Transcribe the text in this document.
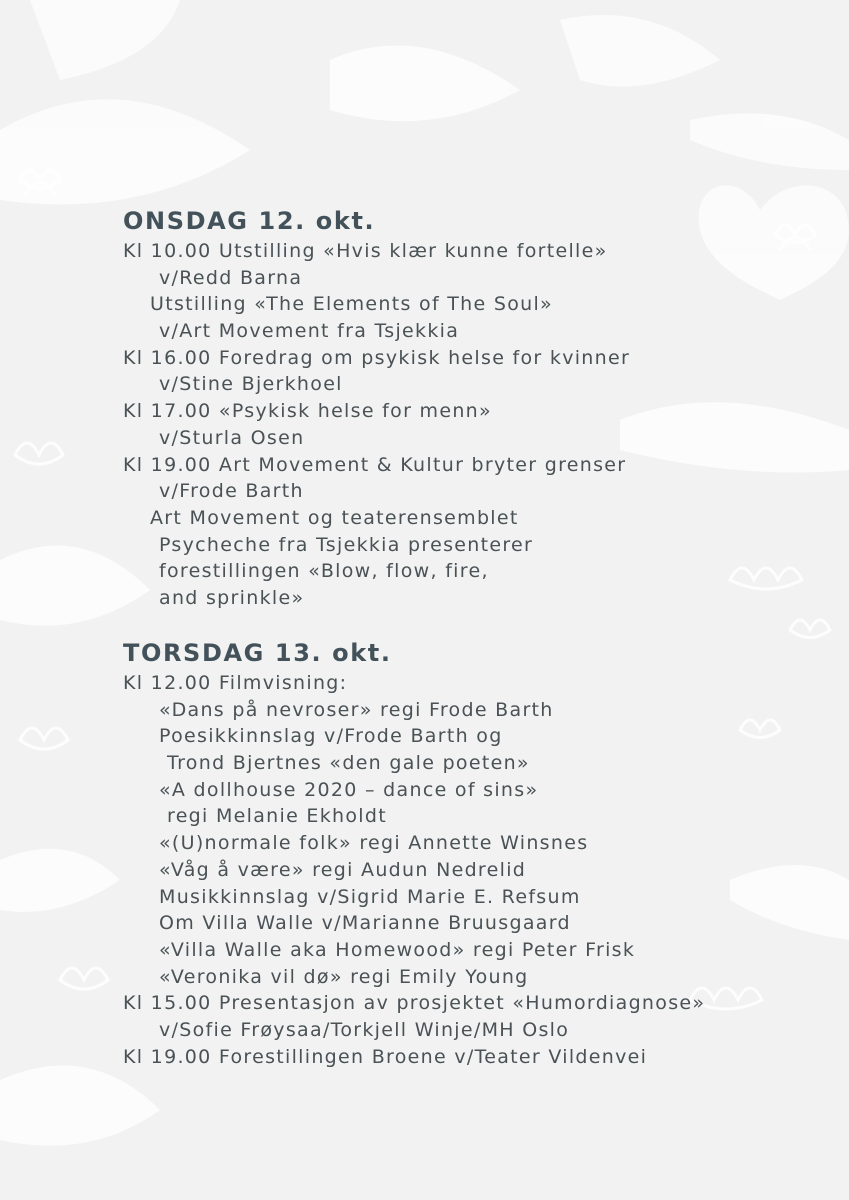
ONSDAG 12. okt.
Kl 10.00 Utstilling «Hvis klær kunne fortelle»
v/Redd Barna
Utstilling «The Elements of The Soul»
v/Art Movement fra Tsjekkia
Kl 16.00 Foredrag om psykisk helse for kvinner
v/Stine Bjerkhoel
Kl 17.00 «Psykisk helse for menn»
v/Sturla Osen
Kl 19.00 Art Movement & Kultur bryter grenser
v/Frode Barth
Art Movement og teaterensemblet
Psycheche fra Tsjekkia presenterer
forestillingen «Blow, flow, fire,
and sprinkle»
TORSDAG 13. okt.
Kl 12.00 Filmvisning:
«Dans på nevroser» regi Frode Barth
Poesikkinnslag v/Frode Barth og
Trond Bjertnes «den gale poeten»
«A dollhouse 2020 – dance of sins»
regi Melanie Ekholdt
«(U)normale folk» regi Annette Winsnes
«Våg å være» regi Audun Nedrelid
Musikkinnslag v/Sigrid Marie E. Refsum
Om Villa Walle v/Marianne Bruusgaard
«Villa Walle aka Homewood» regi Peter Frisk
«Veronika vil dø» regi Emily Young
Kl 15.00 Presentasjon av prosjektet «Humordiagnose»
v/Sofie Frøysaa/Torkjell Winje/MH Oslo
Kl 19.00 Forestillingen Broene v/Teater Vildenvei
